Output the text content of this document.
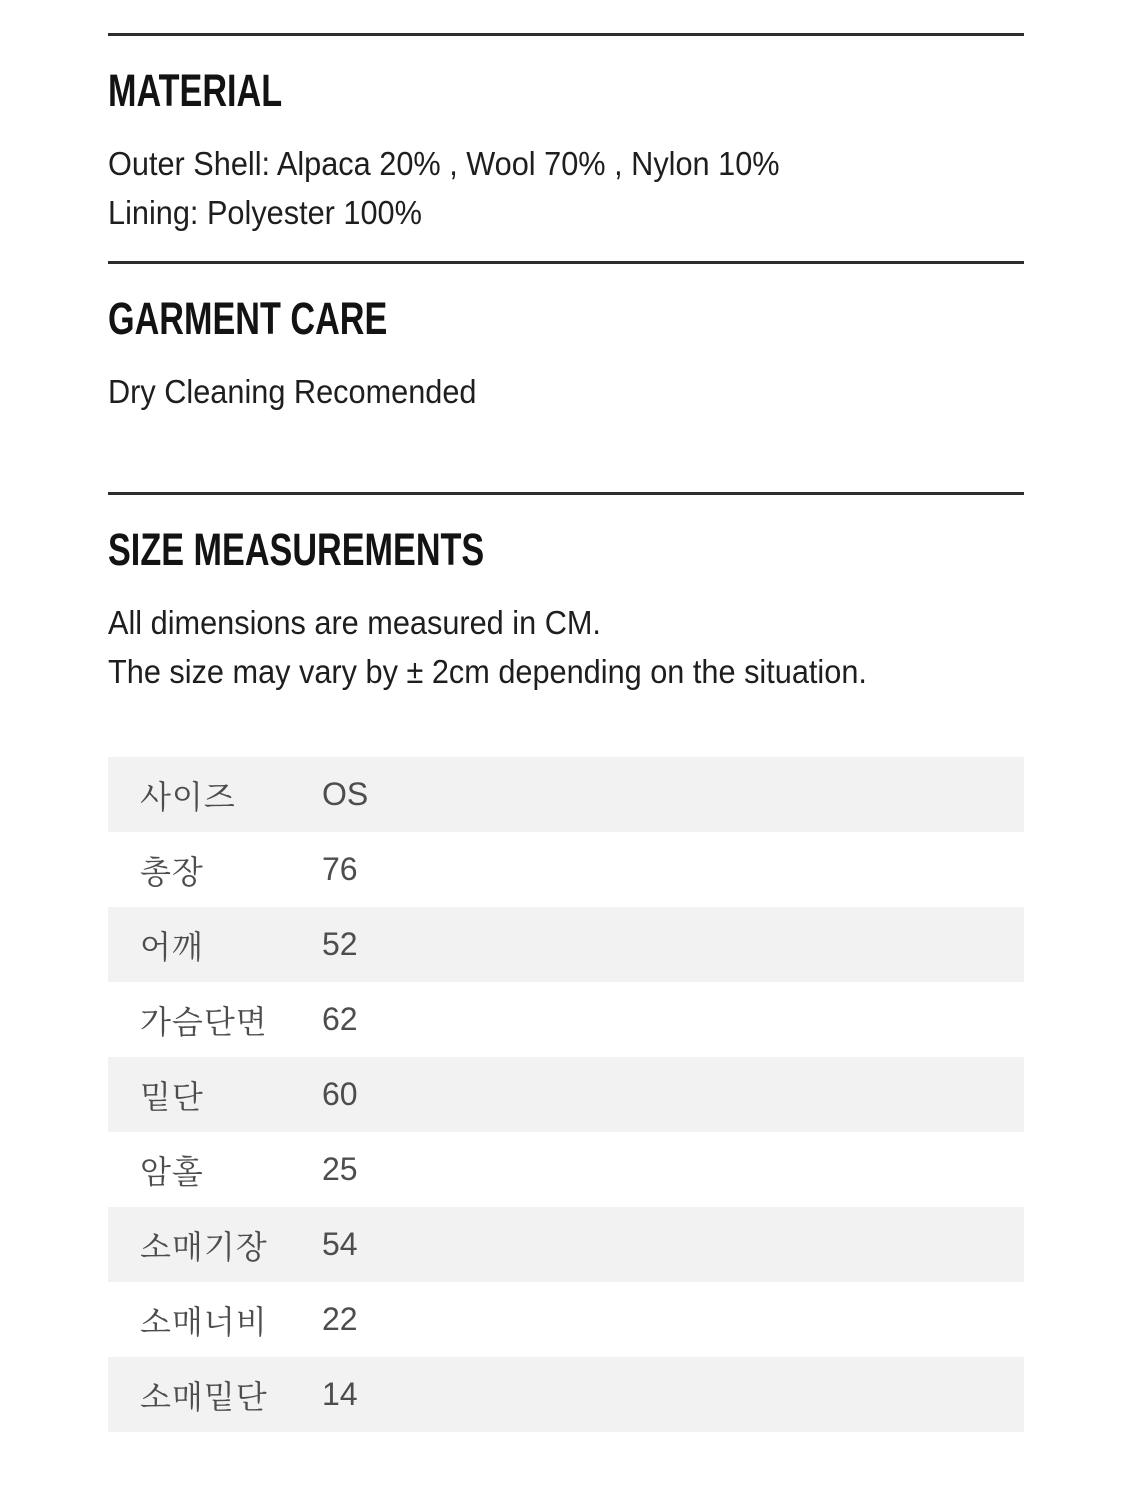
MATERIAL

Outer Shell: Alpaca 20% , Wool 70% , Nylon 10%

Lining: Polyester 100%

GARMENT CARE

Dry Cleaning Recomended

SIZE MEASUREMENTS

All dimensions are measured in CM.

The size may vary by ± 2cm depending on the situation.

사이즈	OS
총장	76
어깨	52
가슴단면	62
밑단	60
암홀	25
소매기장	54
소매너비	22
소매밑단	14
